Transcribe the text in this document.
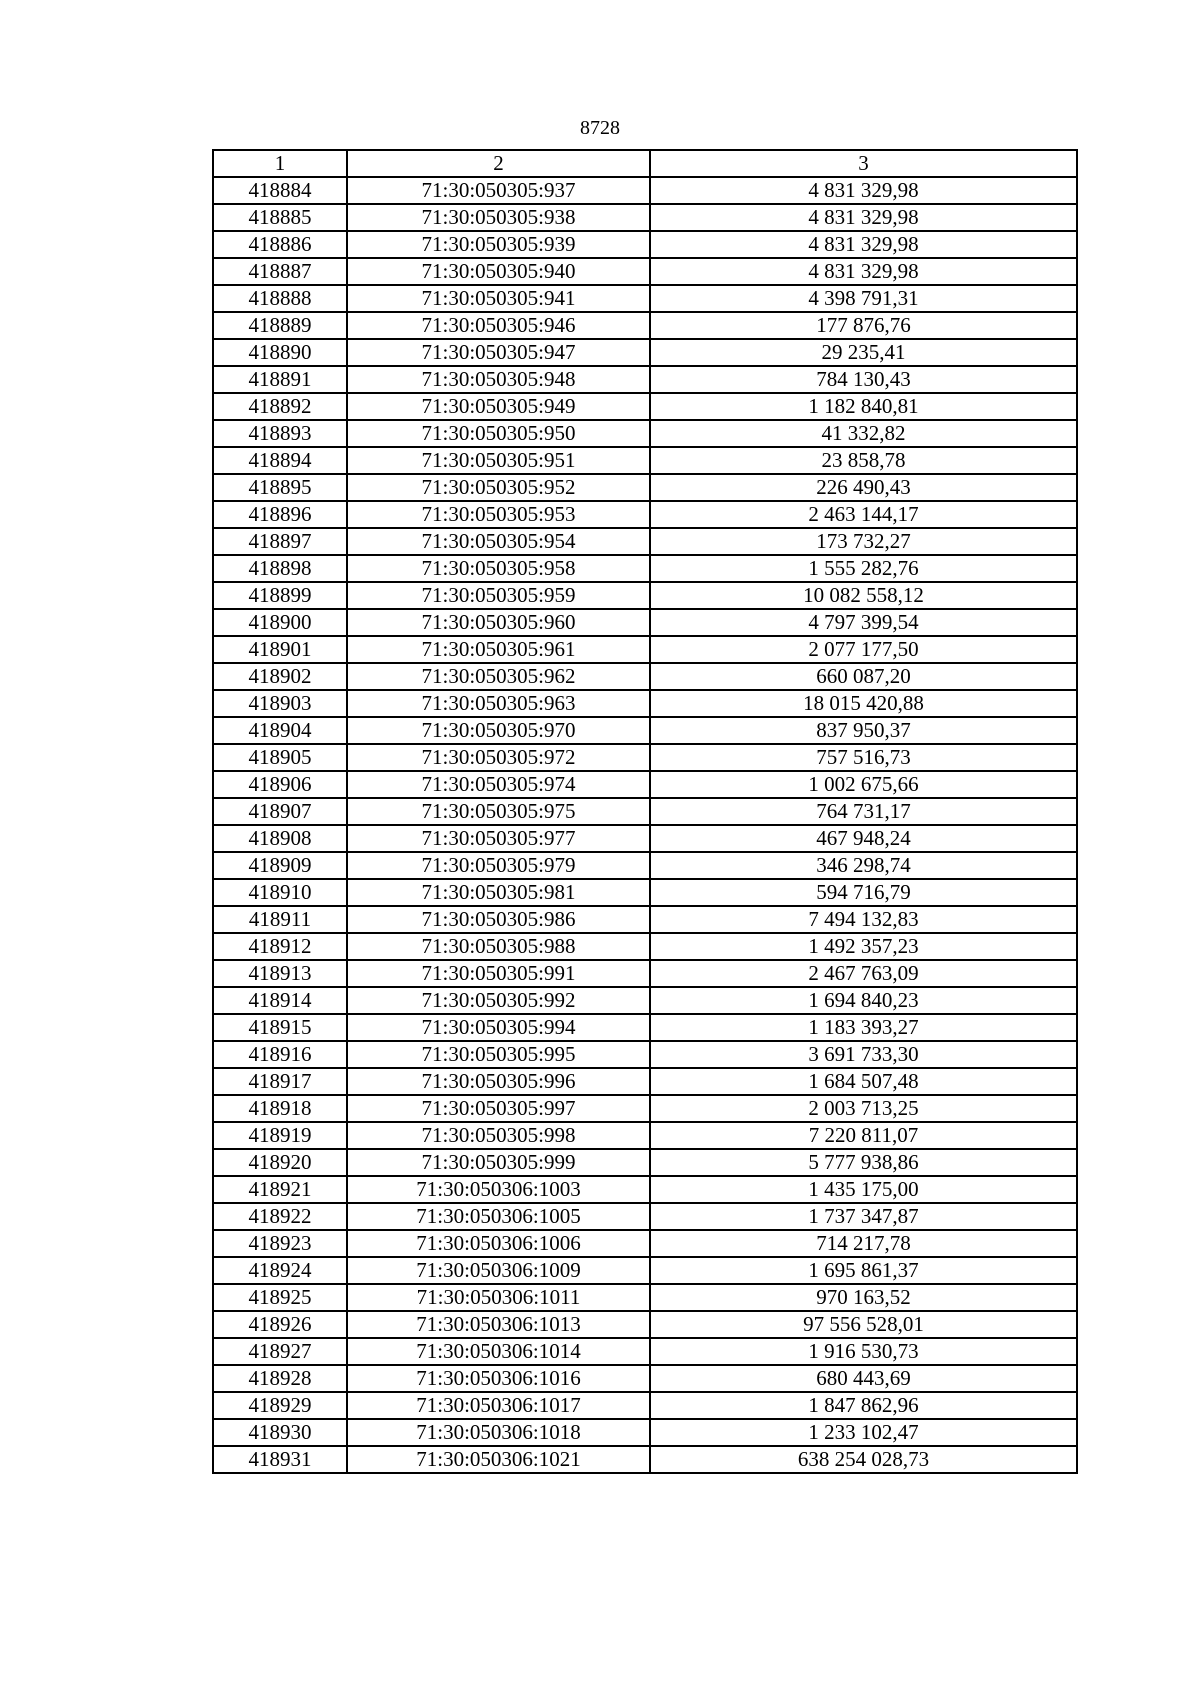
8728
1	2	3
418884	71:30:050305:937	4 831 329,98
418885	71:30:050305:938	4 831 329,98
418886	71:30:050305:939	4 831 329,98
418887	71:30:050305:940	4 831 329,98
418888	71:30:050305:941	4 398 791,31
418889	71:30:050305:946	177 876,76
418890	71:30:050305:947	29 235,41
418891	71:30:050305:948	784 130,43
418892	71:30:050305:949	1 182 840,81
418893	71:30:050305:950	41 332,82
418894	71:30:050305:951	23 858,78
418895	71:30:050305:952	226 490,43
418896	71:30:050305:953	2 463 144,17
418897	71:30:050305:954	173 732,27
418898	71:30:050305:958	1 555 282,76
418899	71:30:050305:959	10 082 558,12
418900	71:30:050305:960	4 797 399,54
418901	71:30:050305:961	2 077 177,50
418902	71:30:050305:962	660 087,20
418903	71:30:050305:963	18 015 420,88
418904	71:30:050305:970	837 950,37
418905	71:30:050305:972	757 516,73
418906	71:30:050305:974	1 002 675,66
418907	71:30:050305:975	764 731,17
418908	71:30:050305:977	467 948,24
418909	71:30:050305:979	346 298,74
418910	71:30:050305:981	594 716,79
418911	71:30:050305:986	7 494 132,83
418912	71:30:050305:988	1 492 357,23
418913	71:30:050305:991	2 467 763,09
418914	71:30:050305:992	1 694 840,23
418915	71:30:050305:994	1 183 393,27
418916	71:30:050305:995	3 691 733,30
418917	71:30:050305:996	1 684 507,48
418918	71:30:050305:997	2 003 713,25
418919	71:30:050305:998	7 220 811,07
418920	71:30:050305:999	5 777 938,86
418921	71:30:050306:1003	1 435 175,00
418922	71:30:050306:1005	1 737 347,87
418923	71:30:050306:1006	714 217,78
418924	71:30:050306:1009	1 695 861,37
418925	71:30:050306:1011	970 163,52
418926	71:30:050306:1013	97 556 528,01
418927	71:30:050306:1014	1 916 530,73
418928	71:30:050306:1016	680 443,69
418929	71:30:050306:1017	1 847 862,96
418930	71:30:050306:1018	1 233 102,47
418931	71:30:050306:1021	638 254 028,73
